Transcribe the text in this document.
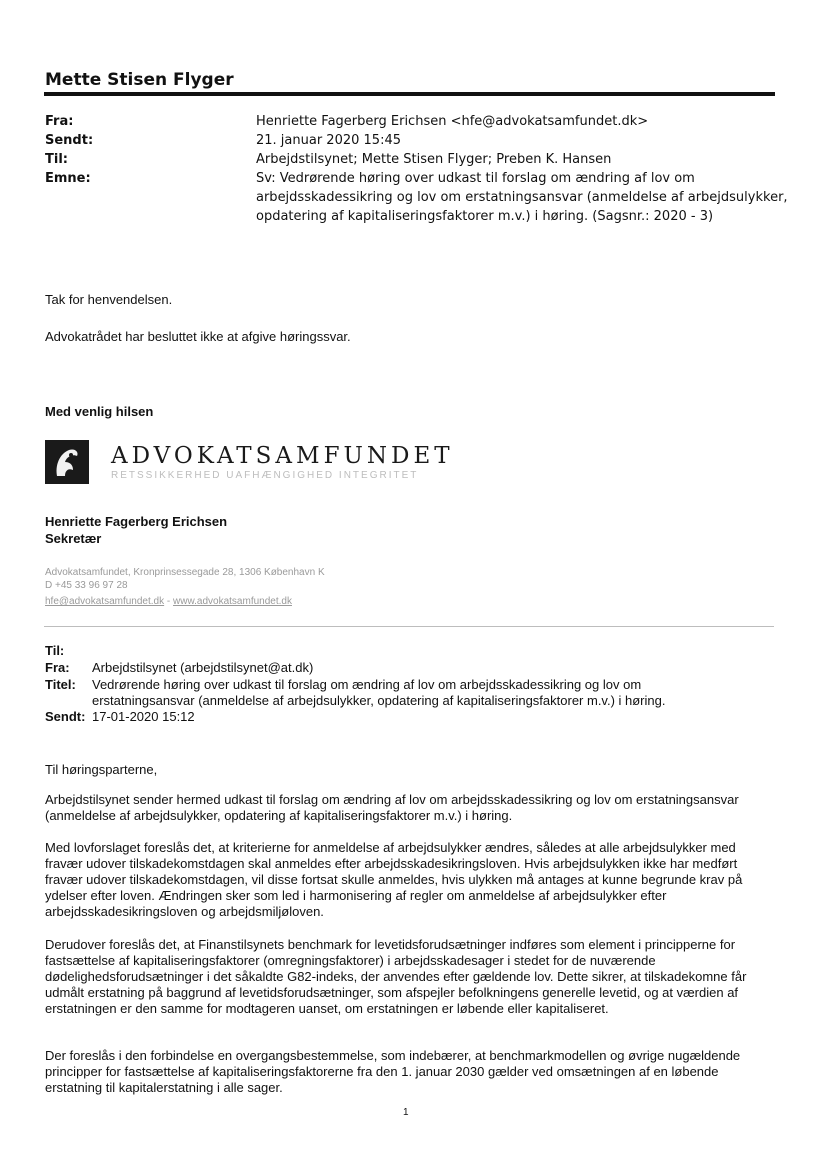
Mette Stisen Flyger
Fra:	Henriette Fagerberg Erichsen <hfe@advokatsamfundet.dk>
Sendt:	21. januar 2020 15:45
Til:	Arbejdstilsynet; Mette Stisen Flyger; Preben K. Hansen
Emne:	Sv: Vedrørende høring over udkast til forslag om ændring af lov om
arbejdsskadessikring og lov om erstatningsansvar (anmeldelse af arbejdsulykker,
opdatering af kapitaliseringsfaktorer m.v.) i høring. (Sagsnr.: 2020 - 3)
Tak for henvendelsen.
Advokatrådet har besluttet ikke at afgive høringssvar.
Med venlig hilsen
ADVOKATSAMFUNDET
RETSSIKKERHED UAFHÆNGIGHED INTEGRITET
Henriette Fagerberg Erichsen
Sekretær
Advokatsamfundet, Kronprinsessegade 28, 1306 København K
D +45 33 96 97 28
hfe@advokatsamfundet.dk - www.advokatsamfundet.dk
Til:
Fra: Arbejdstilsynet (arbejdstilsynet@at.dk)
Titel: Vedrørende høring over udkast til forslag om ændring af lov om arbejdsskadessikring og lov om
erstatningsansvar (anmeldelse af arbejdsulykker, opdatering af kapitaliseringsfaktorer m.v.) i høring.
Sendt: 17-01-2020 15:12
Til høringsparterne,
Arbejdstilsynet sender hermed udkast til forslag om ændring af lov om arbejdsskadessikring og lov om erstatningsansvar (anmeldelse af arbejdsulykker, opdatering af kapitaliseringsfaktorer m.v.) i høring.
Med lovforslaget foreslås det, at kriterierne for anmeldelse af arbejdsulykker ændres, således at alle arbejdsulykker med fravær udover tilskadekomstdagen skal anmeldes efter arbejdsskadesikringsloven. Hvis arbejdsulykken ikke har medført fravær udover tilskadekomstdagen, vil disse fortsat skulle anmeldes, hvis ulykken må antages at kunne begrunde krav på ydelser efter loven. Ændringen sker som led i harmonisering af regler om anmeldelse af arbejdsulykker efter arbejdsskadesikringsloven og arbejdsmiljøloven.
Derudover foreslås det, at Finanstilsynets benchmark for levetidsforudsætninger indføres som element i principperne for fastsættelse af kapitaliseringsfaktorer (omregningsfaktorer) i arbejdsskadesager i stedet for de nuværende dødelighedsforudsætninger i det såkaldte G82-indeks, der anvendes efter gældende lov. Dette sikrer, at tilskadekomne får udmålt erstatning på baggrund af levetidsforudsætninger, som afspejler befolkningens generelle levetid, og at værdien af erstatningen er den samme for modtageren uanset, om erstatningen er løbende eller kapitaliseret.
Der foreslås i den forbindelse en overgangsbestemmelse, som indebærer, at benchmarkmodellen og øvrige nugældende principper for fastsættelse af kapitaliseringsfaktorerne fra den 1. januar 2030 gælder ved omsætningen af en løbende erstatning til kapitalerstatning i alle sager.
1
